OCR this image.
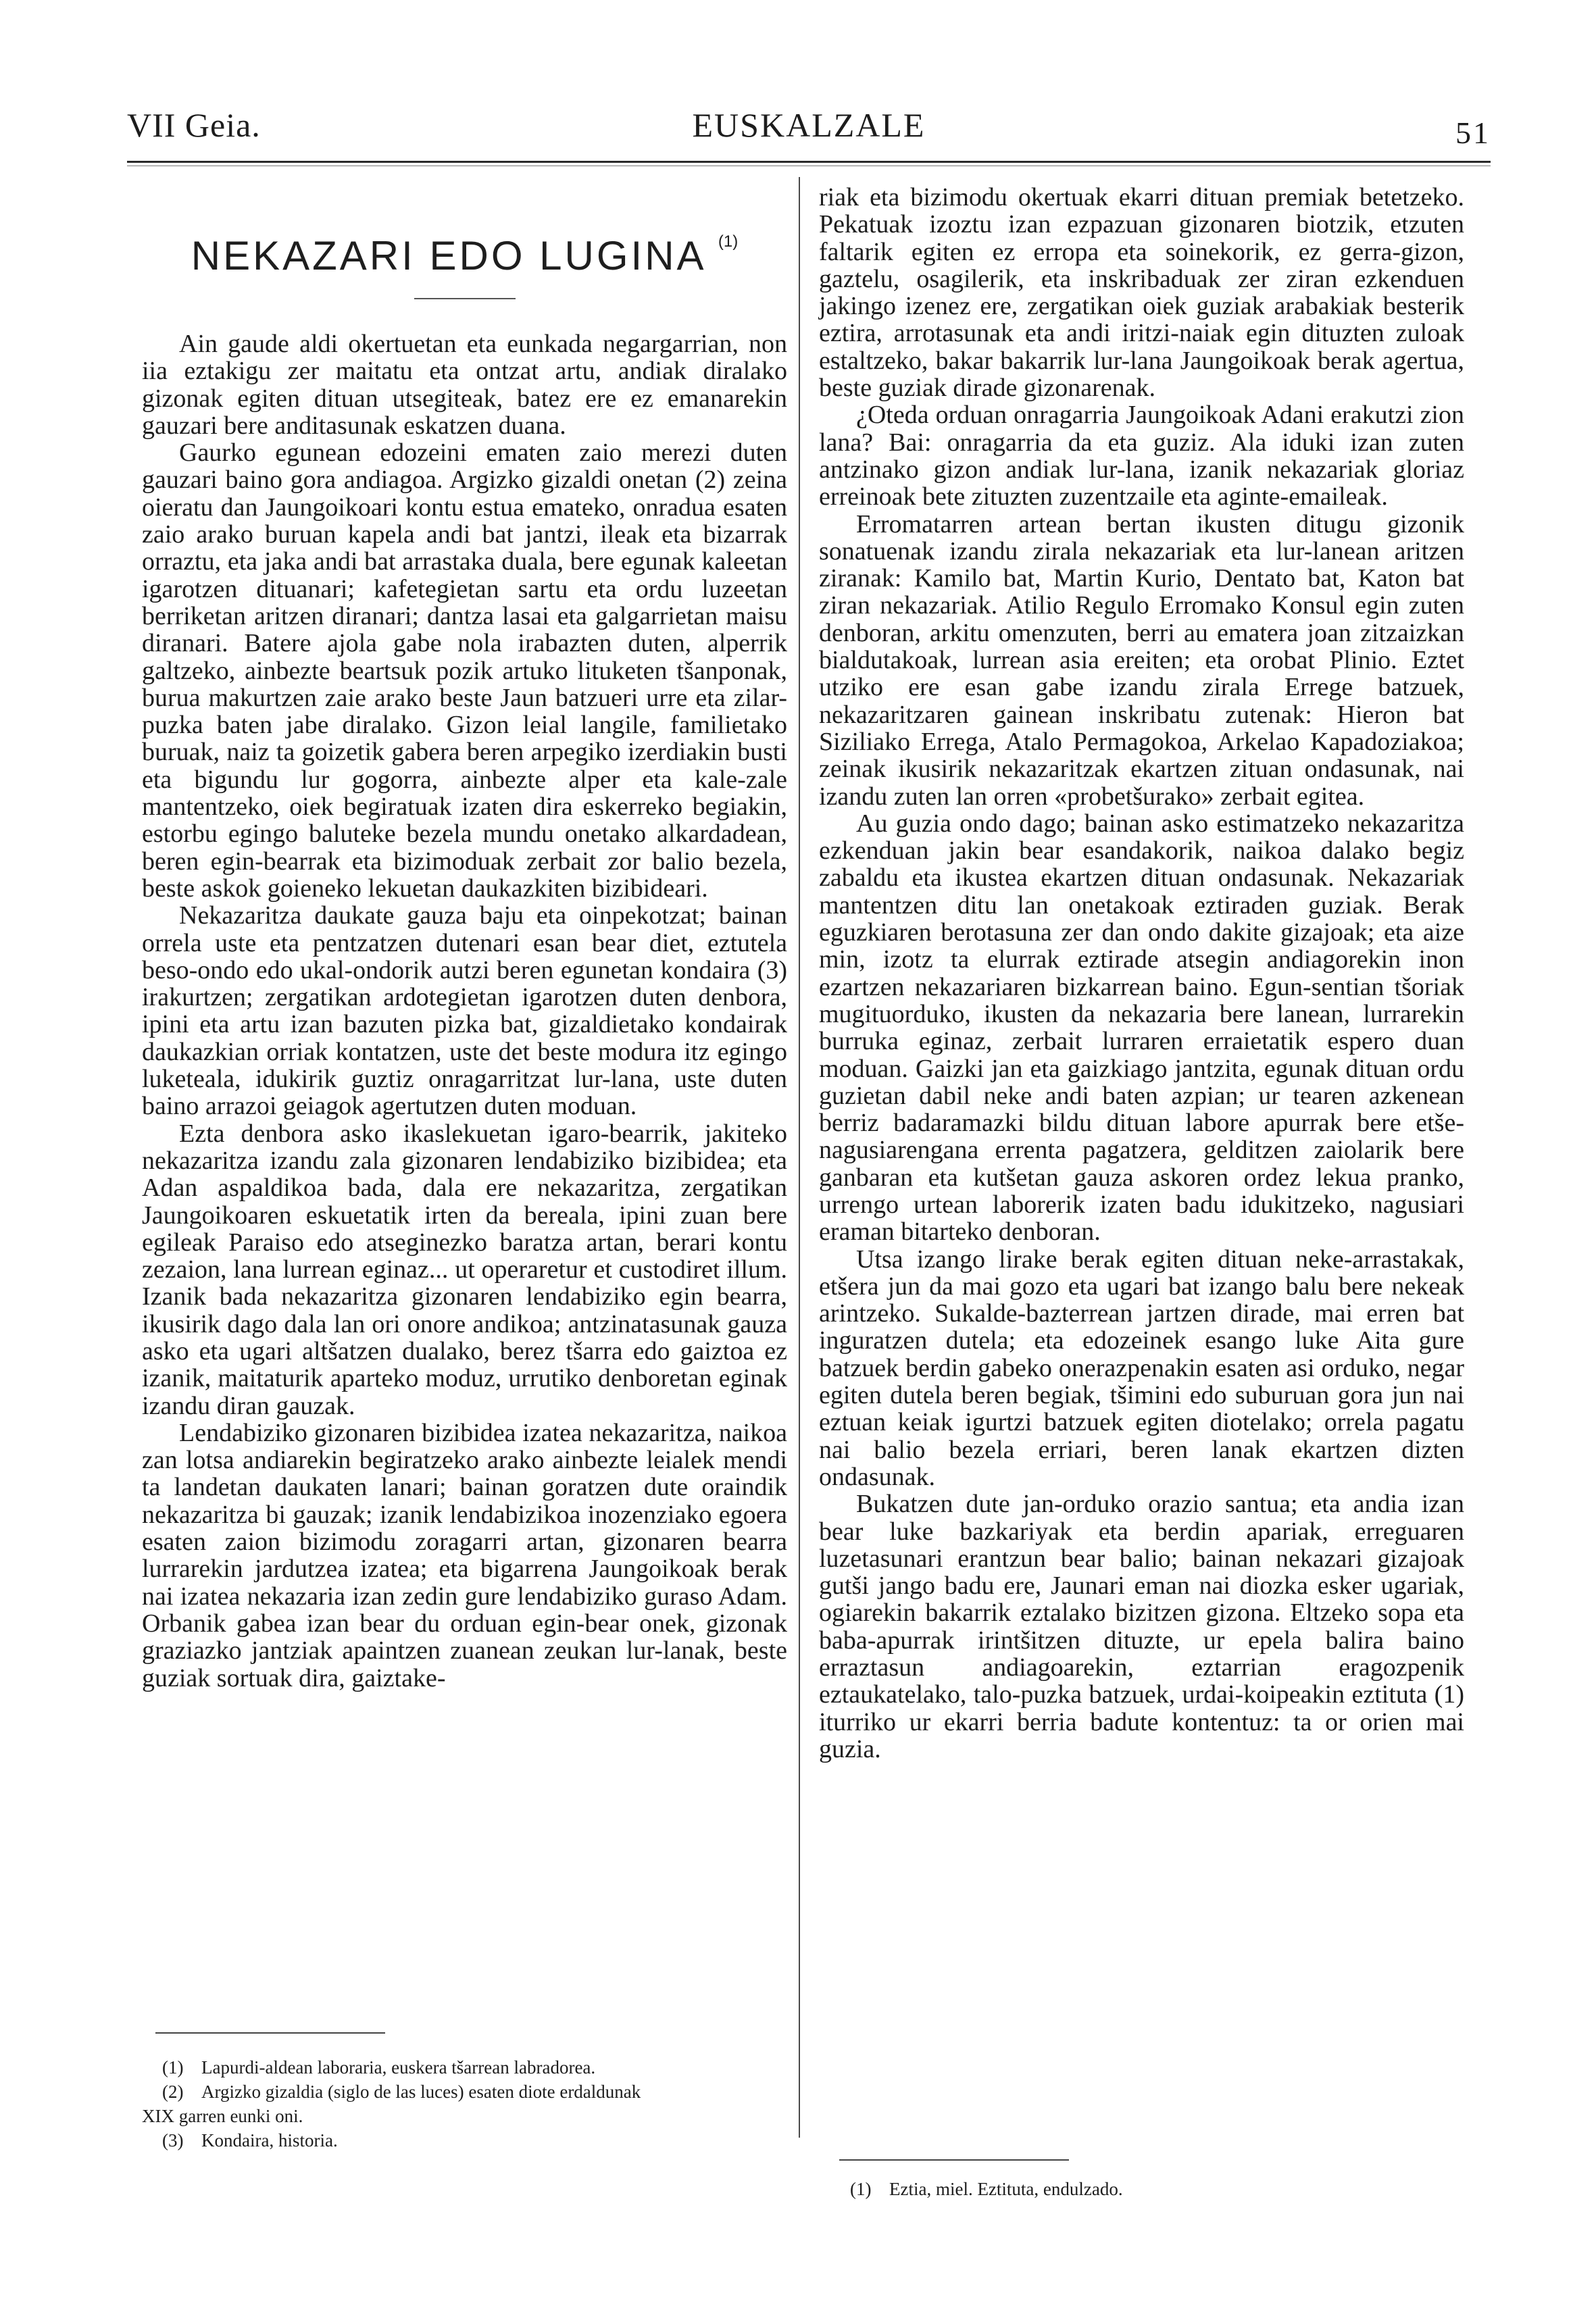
VII Geia.	EUSKALZALE	51
NEKAZARI EDO LUGINA $^{(1)}$

Ain gaude aldi okertuetan eta eunkada negargarrian, non iia eztakigu zer maitatu eta ontzat artu, andiak diralako gizonak egiten dituan utsegiteak, batez ere ez emanarekin gauzari bere anditasunak eskatzen duana.

Gaurko egunean edozeini ematen zaio merezi duten gauzari baino gora andiagoa. Argizko gizaldi onetan (2) zeina oieratu dan Jaungoikoari kontu estua emateko, onradua esaten zaio arako buruan kapela andi bat jantzi, ileak eta bizarrak orraztu, eta jaka andi bat arrastaka duala, bere egunak kaleetan igarotzen dituanari; kafetegietan sartu eta ordu luzeetan berriketan aritzen diranari; dantza lasai eta galgarrietan maisu diranari. Batere ajola gabe nola irabazten duten, alperrik galtzeko, ainbezte beartsuk pozik artuko lituketen tšanponak, burua makurtzen zaie arako beste Jaun batzueri urre eta zilar-puzka baten jabe diralako. Gizon leial langile, familietako buruak, naiz ta goizetik gabera beren arpegiko izerdiakin busti eta bigundu lur gogorra, ainbezte alper eta kale-zale mantentzeko, oiek begiratuak izaten dira eskerreko begiakin, estorbu egingo baluteke bezela mundu onetako alkardadean, beren egin-bearrak eta bizimoduak zerbait zor balio bezela, beste askok goieneko lekuetan daukazkiten bizibideari.

Nekazaritza daukate gauza baju eta oinpekotzat; bainan orrela uste eta pentzatzen dutenari esan bear diet, eztutela beso-ondo edo ukal-ondorik autzi beren egunetan kondaira (3) irakurtzen; zergatikan ardotegietan igarotzen duten denbora, ipini eta artu izan bazuten pizka bat, gizaldietako kondairak daukazkian orriak kontatzen, uste det beste modura itz egingo luketeala, idukirik guztiz onragarritzat lur-lana, uste duten baino arrazoi geiagok agertutzen duten moduan.

Ezta denbora asko ikaslekuetan igaro-bearrik, jakiteko nekazaritza izandu zala gizonaren lendabiziko bizibidea; eta Adan aspaldikoa bada, dala ere nekazaritza, zergatikan Jaungoikoaren eskuetatik irten da bereala, ipini zuan bere egileak Paraiso edo atseginezko baratza artan, berari kontu zezaion, lana lurrean eginaz... ut operaretur et custodiret illum. Izanik bada nekazaritza gizonaren lendabiziko egin bearra, ikusirik dago dala lan ori onore andikoa; antzinatasunak gauza asko eta ugari altšatzen dualako, berez tšarra edo gaiztoa ez izanik, maitaturik aparteko moduz, urrutiko denboretan eginak izandu diran gauzak.

Lendabiziko gizonaren bizibidea izatea nekazaritza, naikoa zan lotsa andiarekin begiratzeko arako ainbezte leialek mendi ta landetan daukaten lanari; bainan goratzen dute oraindik nekazaritza bi gauzak; izanik lendabizikoa inozenziako egoera esaten zaion bizimodu zoragarri artan, gizonaren bearra lurrarekin jardutzea izatea; eta bigarrena Jaungoikoak berak nai izatea nekazaria izan zedin gure lendabiziko guraso Adam. Orbanik gabea izan bear du orduan egin-bear onek, gizonak graziazko jantziak apaintzen zuanean zeukan lur-lanak, beste guziak sortuak dira, gaiztake-

(1) Lapurdi-aldean laboraria, euskera tšarrean labradorea.

(2) Argizko gizaldia (siglo de las luces) esaten diote erdaldunak
XIX garren eunki oni.

(3) Kondaira, historia.

riak eta bizimodu okertuak ekarri dituan premiak betetzeko. Pekatuak izoztu izan ezpazuan gizonaren biotzik, etzuten faltarik egiten ez erropa eta soinekorik, ez gerra-gizon, gaztelu, osagilerik, eta inskribaduak zer ziran ezkenduen jakingo izenez ere, zergatikan oiek guziak arabakiak besterik eztira, arrotasunak eta andi iritzi-naiak egin dituzten zuloak estaltzeko, bakar bakarrik lur-lana Jaungoikoak berak agertua, beste guziak dirade gizonarenak.

¿Oteda orduan onragarria Jaungoikoak Adani erakutzi zion lana? Bai: onragarria da eta guziz. Ala iduki izan zuten antzinako gizon andiak lur-lana, izanik nekazariak gloriaz erreinoak bete zituzten zuzentzaile eta aginte-emaileak.

Erromatarren artean bertan ikusten ditugu gizonik sonatuenak izandu zirala nekazariak eta lur-lanean aritzen ziranak: Kamilo bat, Martin Kurio, Dentato bat, Katon bat ziran nekazariak. Atilio Regulo Erromako Konsul egin zuten denboran, arkitu omenzuten, berri au ematera joan zitzaizkan bialdutakoak, lurrean asia ereiten; eta orobat Plinio. Eztet utziko ere esan gabe izandu zirala Errege batzuek, nekazaritzaren gainean inskribatu zutenak: Hieron bat Siziliako Errega, Atalo Permagokoa, Arkelao Kapadoziakoa; zeinak ikusirik nekazaritzak ekartzen zituan ondasunak, nai izandu zuten lan orren «probetšurako» zerbait egitea.

Au guzia ondo dago; bainan asko estimatzeko nekazaritza ezkenduan jakin bear esandakorik, naikoa dalako begiz zabaldu eta ikustea ekartzen dituan ondasunak. Nekazariak mantentzen ditu lan onetakoak eztiraden guziak. Berak eguzkiaren berotasuna zer dan ondo dakite gizajoak; eta aize min, izotz ta elurrak eztirade atsegin andiagorekin inon ezartzen nekazariaren bizkarrean baino. Egun-sentian tšoriak mugituorduko, ikusten da nekazaria bere lanean, lurrarekin burruka eginaz, zerbait lurraren erraietatik espero duan moduan. Gaizki jan eta gaizkiago jantzita, egunak dituan ordu guzietan dabil neke andi baten azpian; ur tearen azkenean berriz badaramazki bildu dituan labore apurrak bere etše-nagusiarengana errenta pagatzera, gelditzen zaiolarik bere ganbaran eta kutšetan gauza askoren ordez lekua pranko, urrengo urtean laborerik izaten badu idukitzeko, nagusiari eraman bitarteko denboran.

Utsa izango lirake berak egiten dituan neke-arrastakak, etšera jun da mai gozo eta ugari bat izango balu bere nekeak arintzeko. Sukalde-bazterrean jartzen dirade, mai erren bat inguratzen dutela; eta edozeinek esango luke Aita gure batzuek berdin gabeko onerazpenakin esaten asi orduko, negar egiten dutela beren begiak, tšimini edo suburuan gora jun nai eztuan keiak igurtzi batzuek egiten diotelako; orrela pagatu nai balio bezela erriari, beren lanak ekartzen dizten ondasunak.

Bukatzen dute jan-orduko orazio santua; eta andia izan bear luke bazkariyak eta berdin apariak, erreguaren luzetasunari erantzun bear balio; bainan nekazari gizajoak gutši jango badu ere, Jaunari eman nai diozka esker ugariak, ogiarekin bakarrik eztalako bizitzen gizona. Eltzeko sopa eta baba-apurrak irintšitzen dituzte, ur epela balira baino erraztasun andiagoarekin, eztarrian eragozpenik eztaukatelako, talo-puzka batzuek, urdai-koipeakin eztituta (1) iturriko ur ekarri berria badute kontentuz: ta or orien mai guzia.

(1) Eztia, miel. Eztituta, endulzado.
